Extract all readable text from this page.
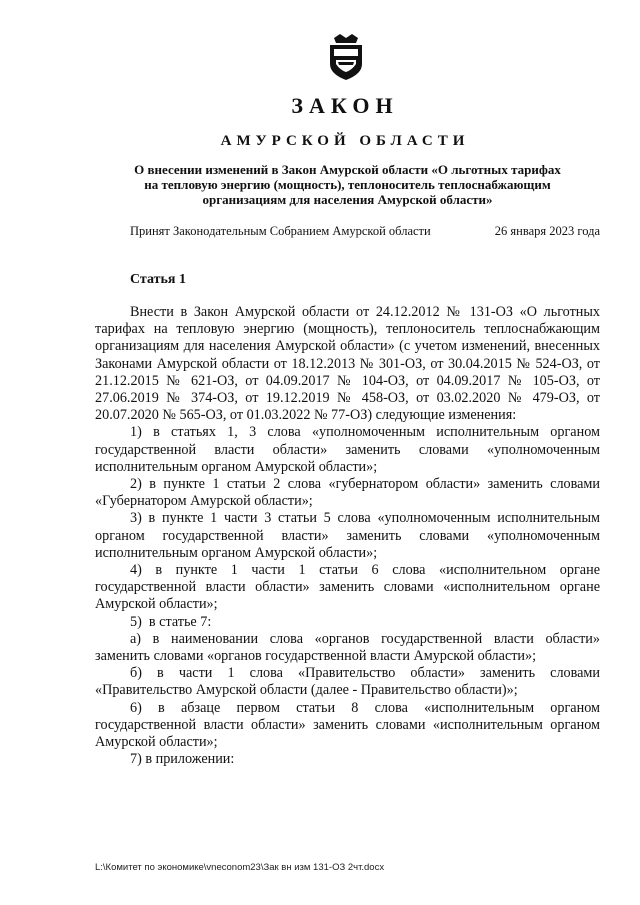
ЗАКОН
АМУРСКОЙ ОБЛАСТИ
О внесении изменений в Закон Амурской области «О льготных тарифах
на тепловую энергию (мощность), теплоноситель теплоснабжающим
организациям для населения Амурской области»
Принят Законодательным Собранием Амурской области	26 января 2023 года
Статья 1

Внести в Закон Амурской области от 24.12.2012 № 131-ОЗ «О льготных тарифах на тепловую энергию (мощность), теплоноситель теплоснабжающим организациям для населения Амурской области» (с учетом изменений, внесенных Законами Амурской области от 18.12.2013 № 301-ОЗ, от 30.04.2015 № 524-ОЗ, от 21.12.2015 № 621-ОЗ, от 04.09.2017 № 104-ОЗ, от 04.09.2017 № 105-ОЗ, от 27.06.2019 № 374-ОЗ, от 19.12.2019 № 458-ОЗ, от 03.02.2020 № 479-ОЗ, от 20.07.2020 № 565-ОЗ, от 01.03.2022 № 77-ОЗ) следующие изменения:

1) в статьях 1, 3 слова «уполномоченным исполнительным органом государственной власти области» заменить словами «уполномоченным исполнительным органом Амурской области»;

2) в пункте 1 статьи 2 слова «губернатором области» заменить словами «Губернатором Амурской области»;

3) в пункте 1 части 3 статьи 5 слова «уполномоченным исполнительным органом государственной власти» заменить словами «уполномоченным исполнительным органом Амурской области»;

4) в пункте 1 части 1 статьи 6 слова «исполнительном органе государственной власти области» заменить словами «исполнительном органе Амурской области»;

5)  в статье 7:

а) в наименовании слова «органов государственной власти области» заменить словами «органов государственной власти Амурской области»;

б) в части 1 слова «Правительство области» заменить словами «Правительство Амурской области (далее - Правительство области)»;

6) в абзаце первом статьи 8 слова «исполнительным органом государственной власти области» заменить словами «исполнительным органом Амурской области»;

7) в приложении:

L:\Комитет по экономике\vneconom23\Зак вн изм 131-ОЗ 2чт.docx
